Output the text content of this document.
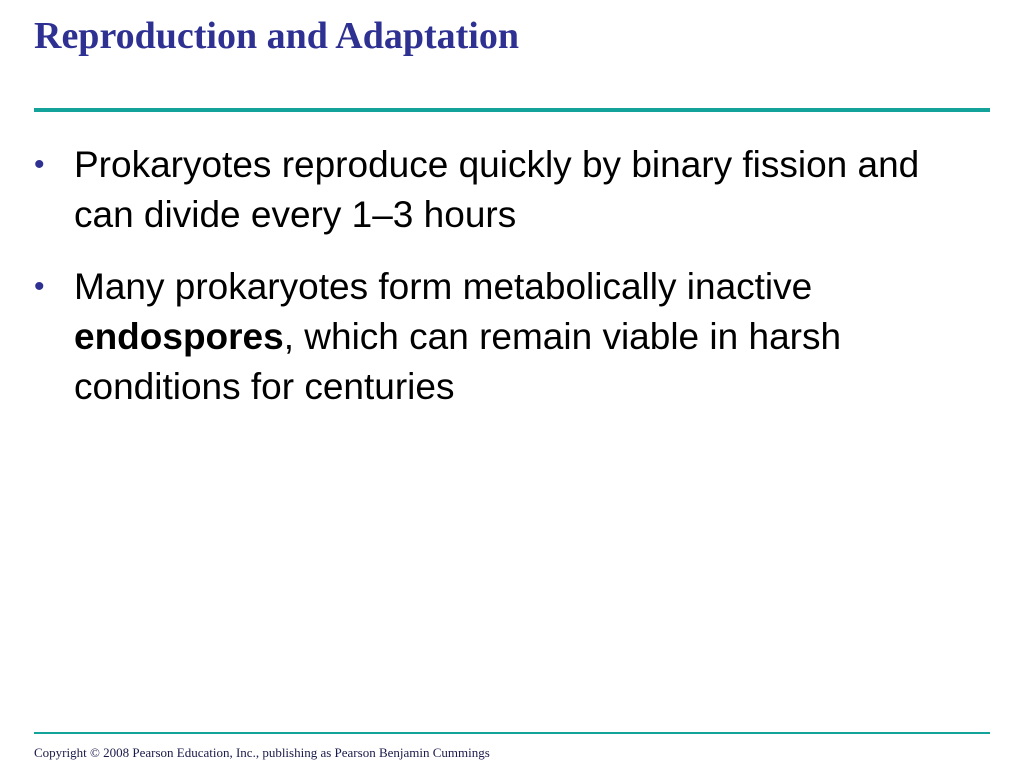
Reproduction and Adaptation
• Prokaryotes reproduce quickly by binary fission and can divide every 1–3 hours
• Many prokaryotes form metabolically inactive endospores, which can remain viable in harsh conditions for centuries
Copyright © 2008 Pearson Education, Inc., publishing as Pearson Benjamin Cummings
